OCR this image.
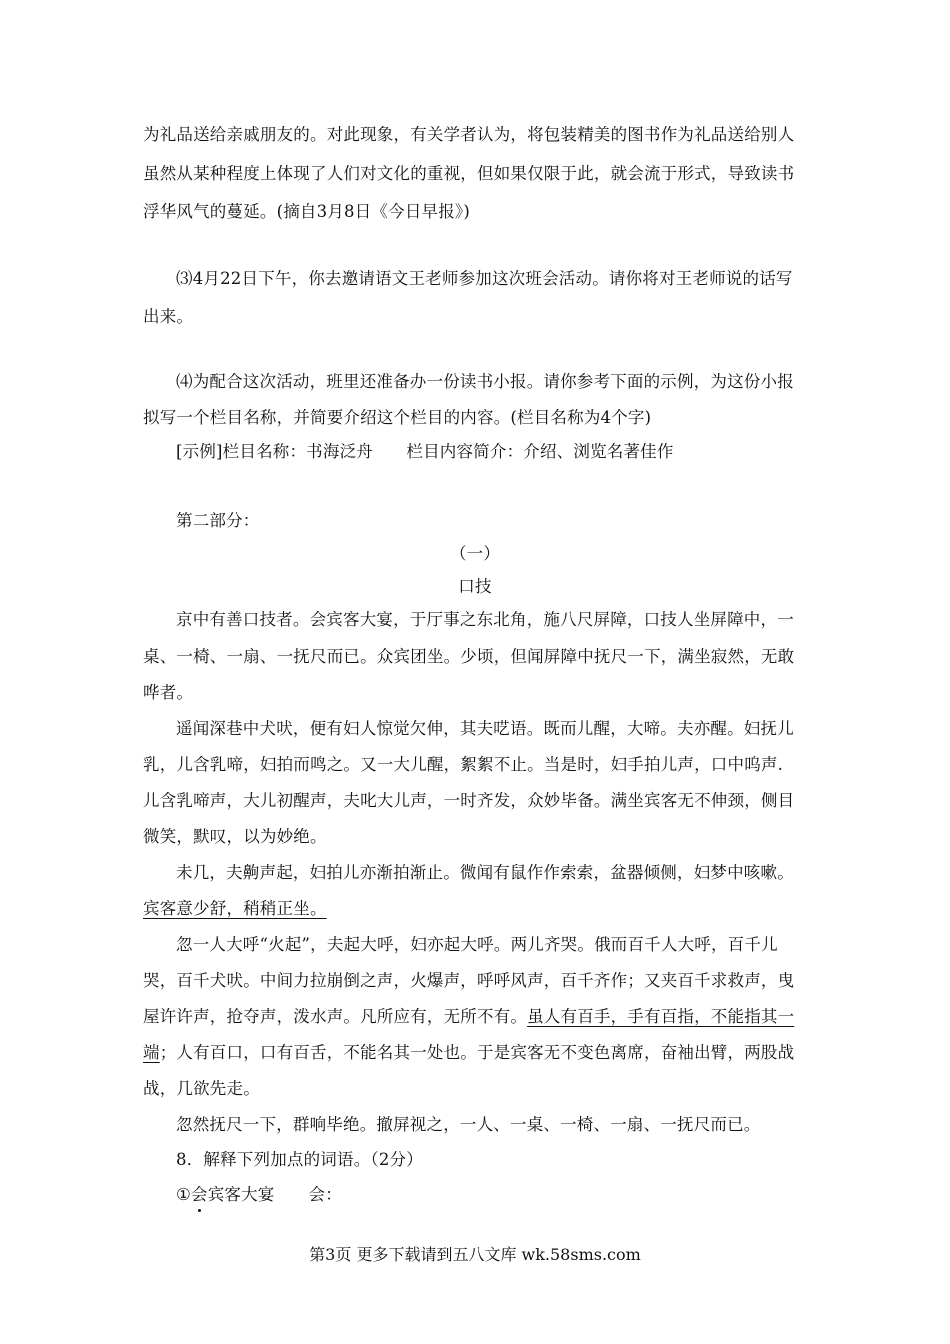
为礼品送给亲戚朋友的。对此现象，有关学者认为，将包装精美的图书作为礼品送给别人
虽然从某种程度上体现了人们对文化的重视，但如果仅限于此，就会流于形式，导致读书
浮华风气的蔓延。(摘自3月8日《今日早报》)
⑶4月22日下午，你去邀请语文王老师参加这次班会活动。请你将对王老师说的话写
出来。
⑷为配合这次活动，班里还准备办一份读书小报。请你参考下面的示例，为这份小报
拟写一个栏目名称，并简要介绍这个栏目的内容。(栏目名称为4个字)
[示例]栏目名称：书海泛舟　　栏目内容简介：介绍、浏览名著佳作
第二部分：
（一）
口技
京中有善口技者。会宾客大宴，于厅事之东北角，施八尺屏障，口技人坐屏障中，一
桌、一椅、一扇、一抚尺而已。众宾团坐。少顷，但闻屏障中抚尺一下，满坐寂然，无敢
哗者。
遥闻深巷中犬吠，便有妇人惊觉欠伸，其夫呓语。既而儿醒，大啼。夫亦醒。妇抚儿
乳，儿含乳啼，妇拍而鸣之。又一大儿醒，絮絮不止。当是时，妇手拍儿声，口中呜声.
儿含乳啼声，大儿初醒声，夫叱大儿声，一时齐发，众妙毕备。满坐宾客无不伸颈，侧目
微笑，默叹，以为妙绝。
未几，夫齁声起，妇拍儿亦渐拍渐止。微闻有鼠作作索索，盆器倾侧，妇梦中咳嗽。
宾客意少舒，稍稍正坐。
忽一人大呼“火起”，夫起大呼，妇亦起大呼。两儿齐哭。俄而百千人大呼，百千儿
哭，百千犬吠。中间力拉崩倒之声，火爆声，呼呼风声，百千齐作；又夹百千求救声，曳
屋许许声，抢夺声，泼水声。凡所应有，无所不有。虽人有百手，手有百指，不能指其一
端；人有百口，口有百舌，不能名其一处也。于是宾客无不变色离席，奋袖出臂，两股战
战，几欲先走。
忽然抚尺一下，群响毕绝。撤屏视之，一人、一桌、一椅、一扇、一抚尺而已。
8．解释下列加点的词语。（2分）
①会宾客大宴 会：
第3页 更多下载请到五八文库 wk.58sms.com
